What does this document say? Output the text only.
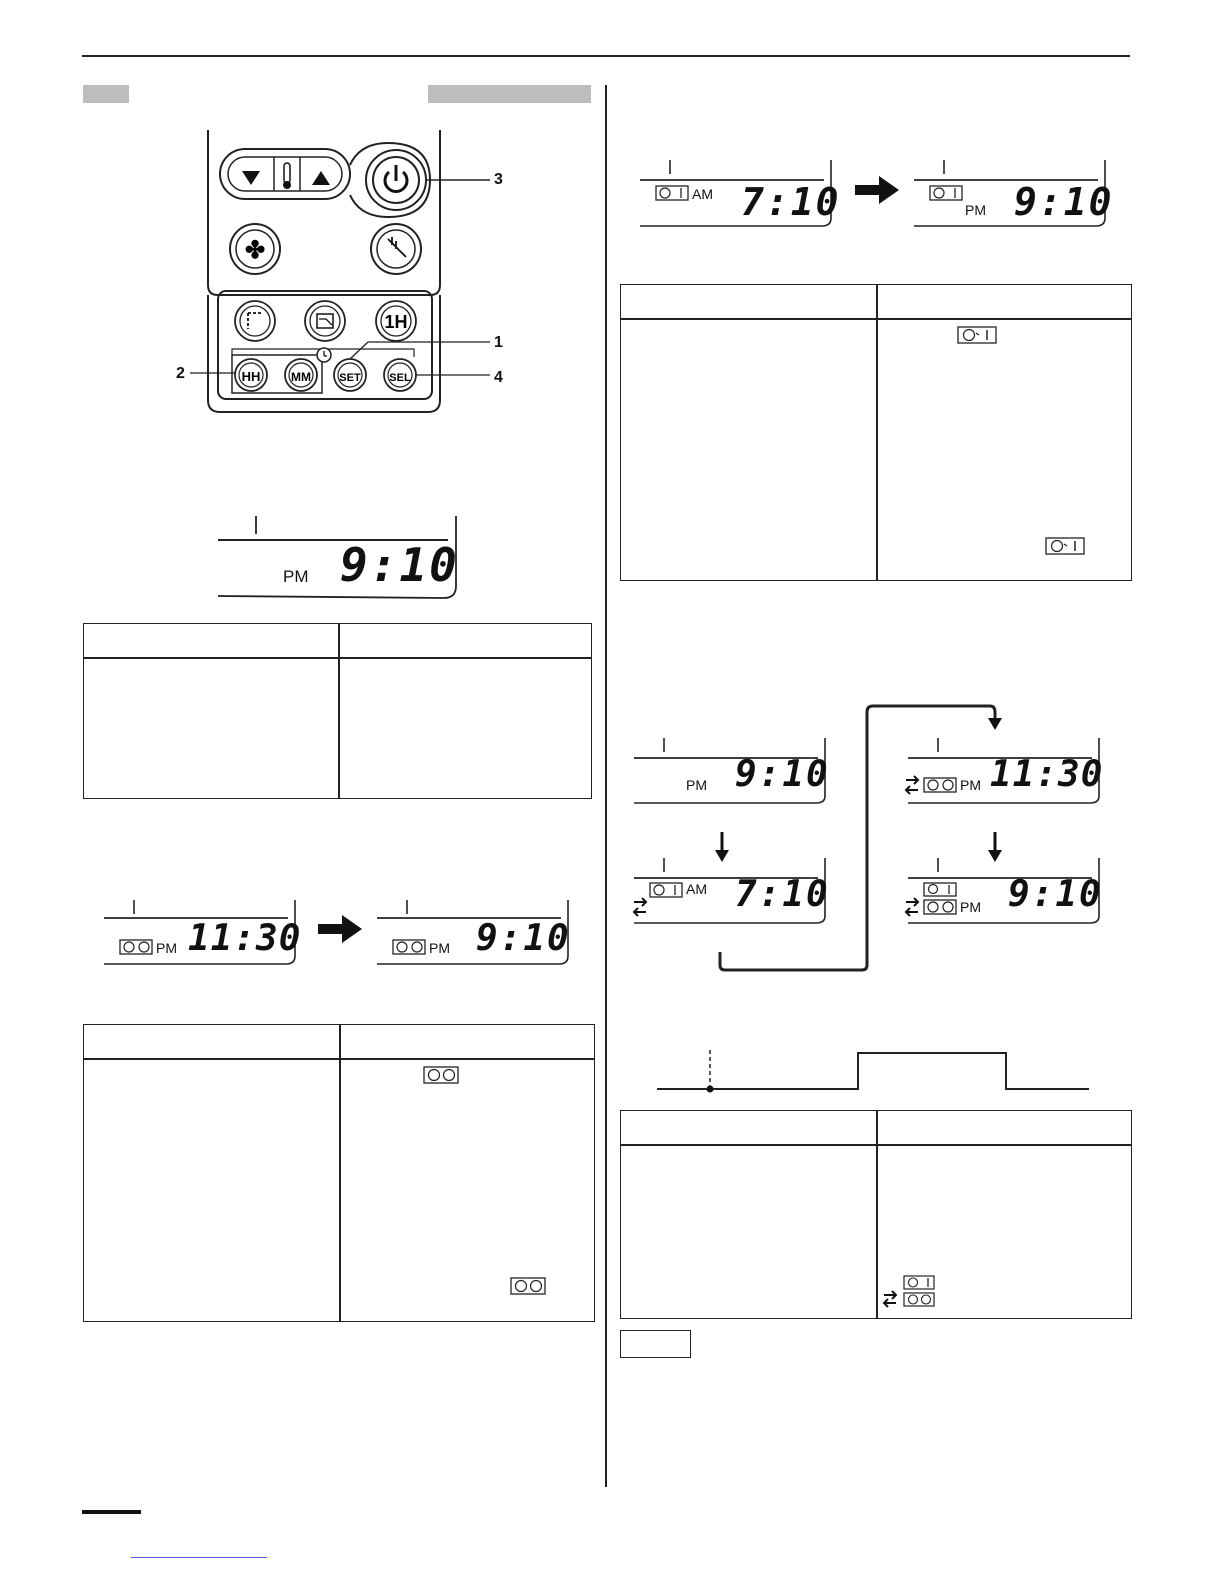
✤
1H
HH	MM	SET	SEL
3
1
2	4
PM 9:10
PM 11:30	PM 9:10
AM 7:10	PM 9:10
PM 9:10	PM 11:30
AM 7:10	PM 9:10
